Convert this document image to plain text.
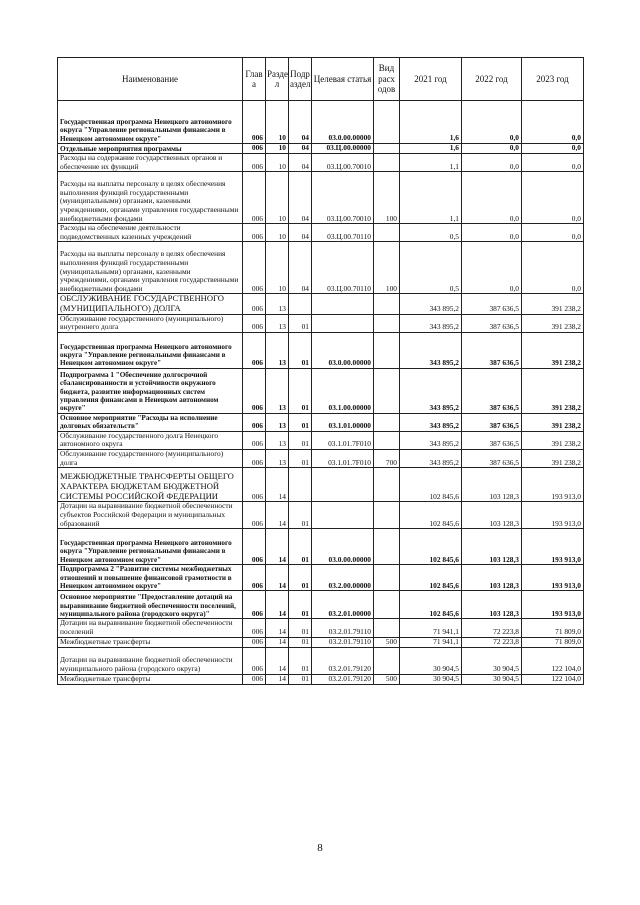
Наименование	Глав а	Разде л	Подр аздел	Целевая статья	Вид расх одов	2021 год	2022 год	2023 год
Государственная программа Ненецкого автономного округа "Управление региональными финансами в Ненецком автономном округе"	006	10	04	03.0.00.00000		1,6	0,0	0,0
Отдельные мероприятия программы	006	10	04	03.Ц.00.00000		1,6	0,0	0,0
Расходы на содержание государственных органов и обеспечение их функций	006	10	04	03.Ц.00.70010		1,1	0,0	0,0
Расходы на выплаты персоналу в целях обеспечения выполнения функций государственными (муниципальными) органами, казенными учреждениями, органами управления государственными внебюджетными фондами	006	10	04	03.Ц.00.70010	100	1,1	0,0	0,0
Расходы на обеспечение деятельности подведомственных казенных учреждений	006	10	04	03.Ц.00.70110		0,5	0,0	0,0
Расходы на выплаты персоналу в целях обеспечения выполнения функций государственными (муниципальными) органами, казенными учреждениями, органами управления государственными внебюджетными фондами	006	10	04	03.Ц.00.70110	100	0,5	0,0	0,0
ОБСЛУЖИВАНИЕ ГОСУДАРСТВЕННОГО (МУНИЦИПАЛЬНОГО) ДОЛГА	006	13				343 895,2	387 636,5	391 238,2
Обслуживание государственного (муниципального) внутреннего долга	006	13	01			343 895,2	387 636,5	391 238,2
Государственная программа Ненецкого автономного округа "Управление региональными финансами в Ненецком автономном округе"	006	13	01	03.0.00.00000		343 895,2	387 636,5	391 238,2
Подпрограмма 1 "Обеспечение долгосрочной сбалансированности и устойчивости окружного бюджета, развитие информационных систем управления финансами в Ненецком автономном округе"	006	13	01	03.1.00.00000		343 895,2	387 636,5	391 238,2
Основное мероприятие "Расходы на исполнение долговых обязательств"	006	13	01	03.1.01.00000		343 895,2	387 636,5	391 238,2
Обслуживание государственного долга Ненецкого автономного округа	006	13	01	03.1.01.7F010		343 895,2	387 636,5	391 238,2
Обслуживание государственного (муниципального) долга	006	13	01	03.1.01.7F010	700	343 895,2	387 636,5	391 238,2
МЕЖБЮДЖЕТНЫЕ ТРАНСФЕРТЫ ОБЩЕГО ХАРАКТЕРА БЮДЖЕТАМ БЮДЖЕТНОЙ СИСТЕМЫ РОССИЙСКОЙ ФЕДЕРАЦИИ	006	14				102 845,6	103 128,3	193 913,0
Дотации на выравнивание бюджетной обеспеченности субъектов Российской Федерации и муниципальных образований	006	14	01			102 845,6	103 128,3	193 913,0
Государственная программа Ненецкого автономного округа "Управление региональными финансами в Ненецком автономном округе"	006	14	01	03.0.00.00000		102 845,6	103 128,3	193 913,0
Подпрограмма 2 "Развитие системы межбюджетных отношений и повышение финансовой грамотности в Ненецком автономном округе"	006	14	01	03.2.00.00000		102 845,6	103 128,3	193 913,0
Основное мероприятие "Предоставление дотаций на выравнивание бюджетной обеспеченности поселений, муниципального района (городского округа)"	006	14	01	03.2.01.00000		102 845,6	103 128,3	193 913,0
Дотации на выравнивание бюджетной обеспеченности поселений	006	14	01	03.2.01.79110		71 941,1	72 223,8	71 809,0
Межбюджетные трансферты	006	14	01	03.2.01.79110	500	71 941,1	72 223,8	71 809,0
Дотации на выравнивание бюджетной обеспеченности муниципального района (городского округа)	006	14	01	03.2.01.79120		30 904,5	30 904,5	122 104,0
Межбюджетные трансферты	006	14	01	03.2.01.79120	500	30 904,5	30 904,5	122 104,0
8
